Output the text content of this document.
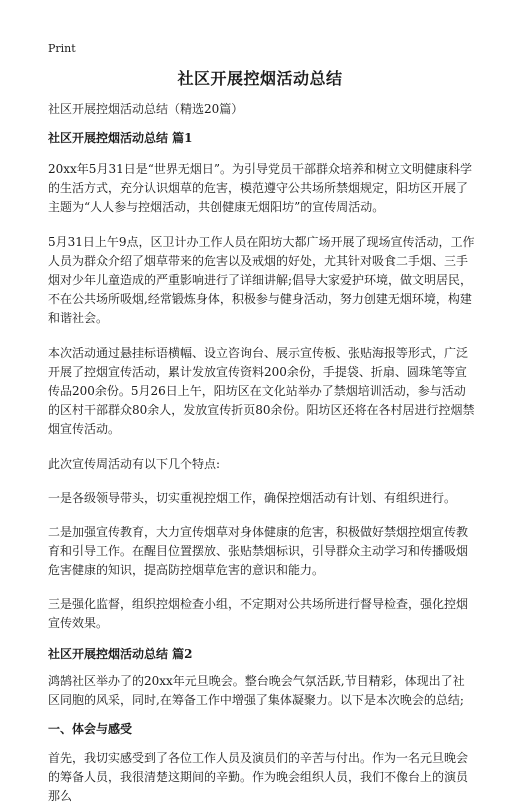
Print
社区开展控烟活动总结

社区开展控烟活动总结（精选20篇）

社区开展控烟活动总结 篇1

20xx年5月31日是“世界无烟日”。为引导党员干部群众培养和树立文明健康科学的生活方式，充分认识烟草的危害，模范遵守公共场所禁烟规定，阳坊区开展了主题为“人人参与控烟活动，共创健康无烟阳坊”的宣传周活动。

5月31日上午9点，区卫计办工作人员在阳坊大都广场开展了现场宣传活动，工作人员为群众介绍了烟草带来的危害以及戒烟的好处，尤其针对吸食二手烟、三手烟对少年儿童造成的严重影响进行了详细讲解;倡导大家爱护环境，做文明居民，不在公共场所吸烟,经常锻炼身体，积极参与健身活动，努力创建无烟环境，构建和谐社会。

本次活动通过悬挂标语横幅、设立咨询台、展示宣传板、张贴海报等形式，广泛开展了控烟宣传活动，累计发放宣传资料200余份，手提袋、折扇、圆珠笔等宣传品200余份。5月26日上午，阳坊区在文化站举办了禁烟培训活动，参与活动的区村干部群众80余人，发放宣传折页80余份。阳坊区还将在各村居进行控烟禁烟宣传活动。

此次宣传周活动有以下几个特点:

一是各级领导带头，切实重视控烟工作，确保控烟活动有计划、有组织进行。

二是加强宣传教育，大力宣传烟草对身体健康的危害，积极做好禁烟控烟宣传教育和引导工作。在醒目位置摆放、张贴禁烟标识，引导群众主动学习和传播吸烟危害健康的知识，提高防控烟草危害的意识和能力。

三是强化监督，组织控烟检查小组，不定期对公共场所进行督导检查，强化控烟宣传效果。

社区开展控烟活动总结 篇2

鸿鹄社区举办了的20xx年元旦晚会。整台晚会气氛活跃,节目精彩，体现出了社区同胞的风采，同时,在筹备工作中增强了集体凝聚力。以下是本次晚会的总结;

一、体会与感受

首先，我切实感受到了各位工作人员及演员们的辛苦与付出。作为一名元旦晚会的筹备人员，我很清楚这期间的辛勤。作为晚会组织人员，我们不像台上的演员那么
